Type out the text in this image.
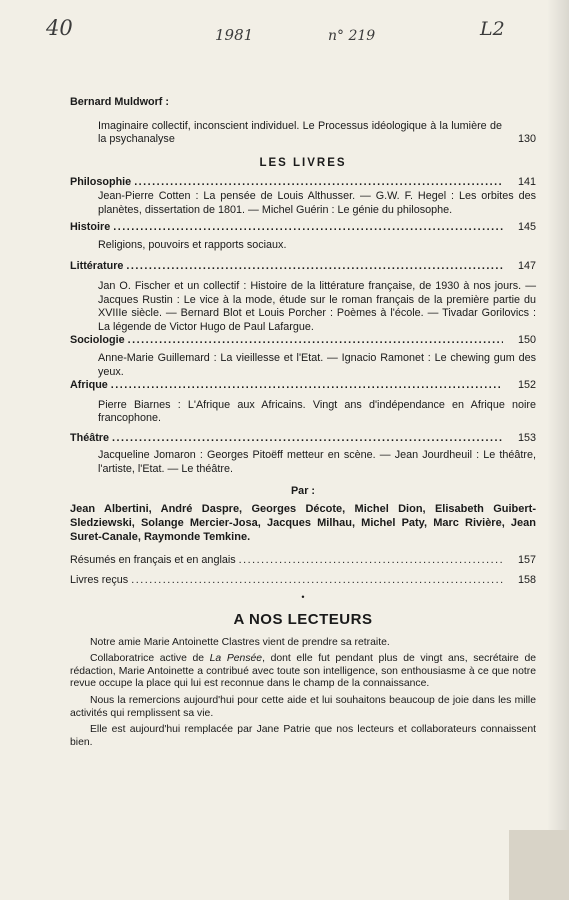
40	1981	n° 219	L2
Bernard Muldworf :
Imaginaire collectif, inconscient individuel. Le Processus idéologique à la lumière de la psychanalyse	130
LES LIVRES
Philosophie .....	141
Jean-Pierre Cotten : La pensée de Louis Althusser. — G.W. F. Hegel : Les orbites des planètes, dissertation de 1801. — Michel Guérin : Le génie du philosophe.
Histoire .....	145
Religions, pouvoirs et rapports sociaux.
Littérature .....	147
Jan O. Fischer et un collectif : Histoire de la littérature française, de 1930 à nos jours. — Jacques Rustin : Le vice à la mode, étude sur le roman français de la première partie du XVIIIe siècle. — Bernard Blot et Louis Porcher : Poèmes à l'école. — Tivadar Gorilovics : La légende de Victor Hugo de Paul Lafargue.
Sociologie .....	150
Anne-Marie Guillemard : La vieillesse et l'Etat. — Ignacio Ramonet : Le chewing gum des yeux.
Afrique .....	152
Pierre Biarnes : L'Afrique aux Africains. Vingt ans d'indépendance en Afrique noire francophone.
Théâtre .....	153
Jacqueline Jomaron : Georges Pitoëff metteur en scène. — Jean Jourdheuil : Le théâtre, l'artiste, l'Etat. — Le théâtre.
Par :
Jean Albertini, André Daspre, Georges Décote, Michel Dion, Elisabeth Guibert-Sledziewski, Solange Mercier-Josa, Jacques Milhau, Michel Paty, Marc Rivière, Jean Suret-Canale, Raymonde Temkine.
Résumés en français et en anglais .....	157
Livres reçus .....	158
•
A NOS LECTEURS

Notre amie Marie Antoinette Clastres vient de prendre sa retraite.

Collaboratrice active de La Pensée, dont elle fut pendant plus de vingt ans, secrétaire de rédaction, Marie Antoinette a contribué avec toute son intelligence, son enthousiasme à ce que notre revue occupe la place qui lui est reconnue dans le champ de la connaissance.

Nous la remercions aujourd'hui pour cette aide et lui souhaitons beaucoup de joie dans les mille activités qui remplissent sa vie.

Elle est aujourd'hui remplacée par Jane Patrie que nos lecteurs et collaborateurs connaissent bien.
